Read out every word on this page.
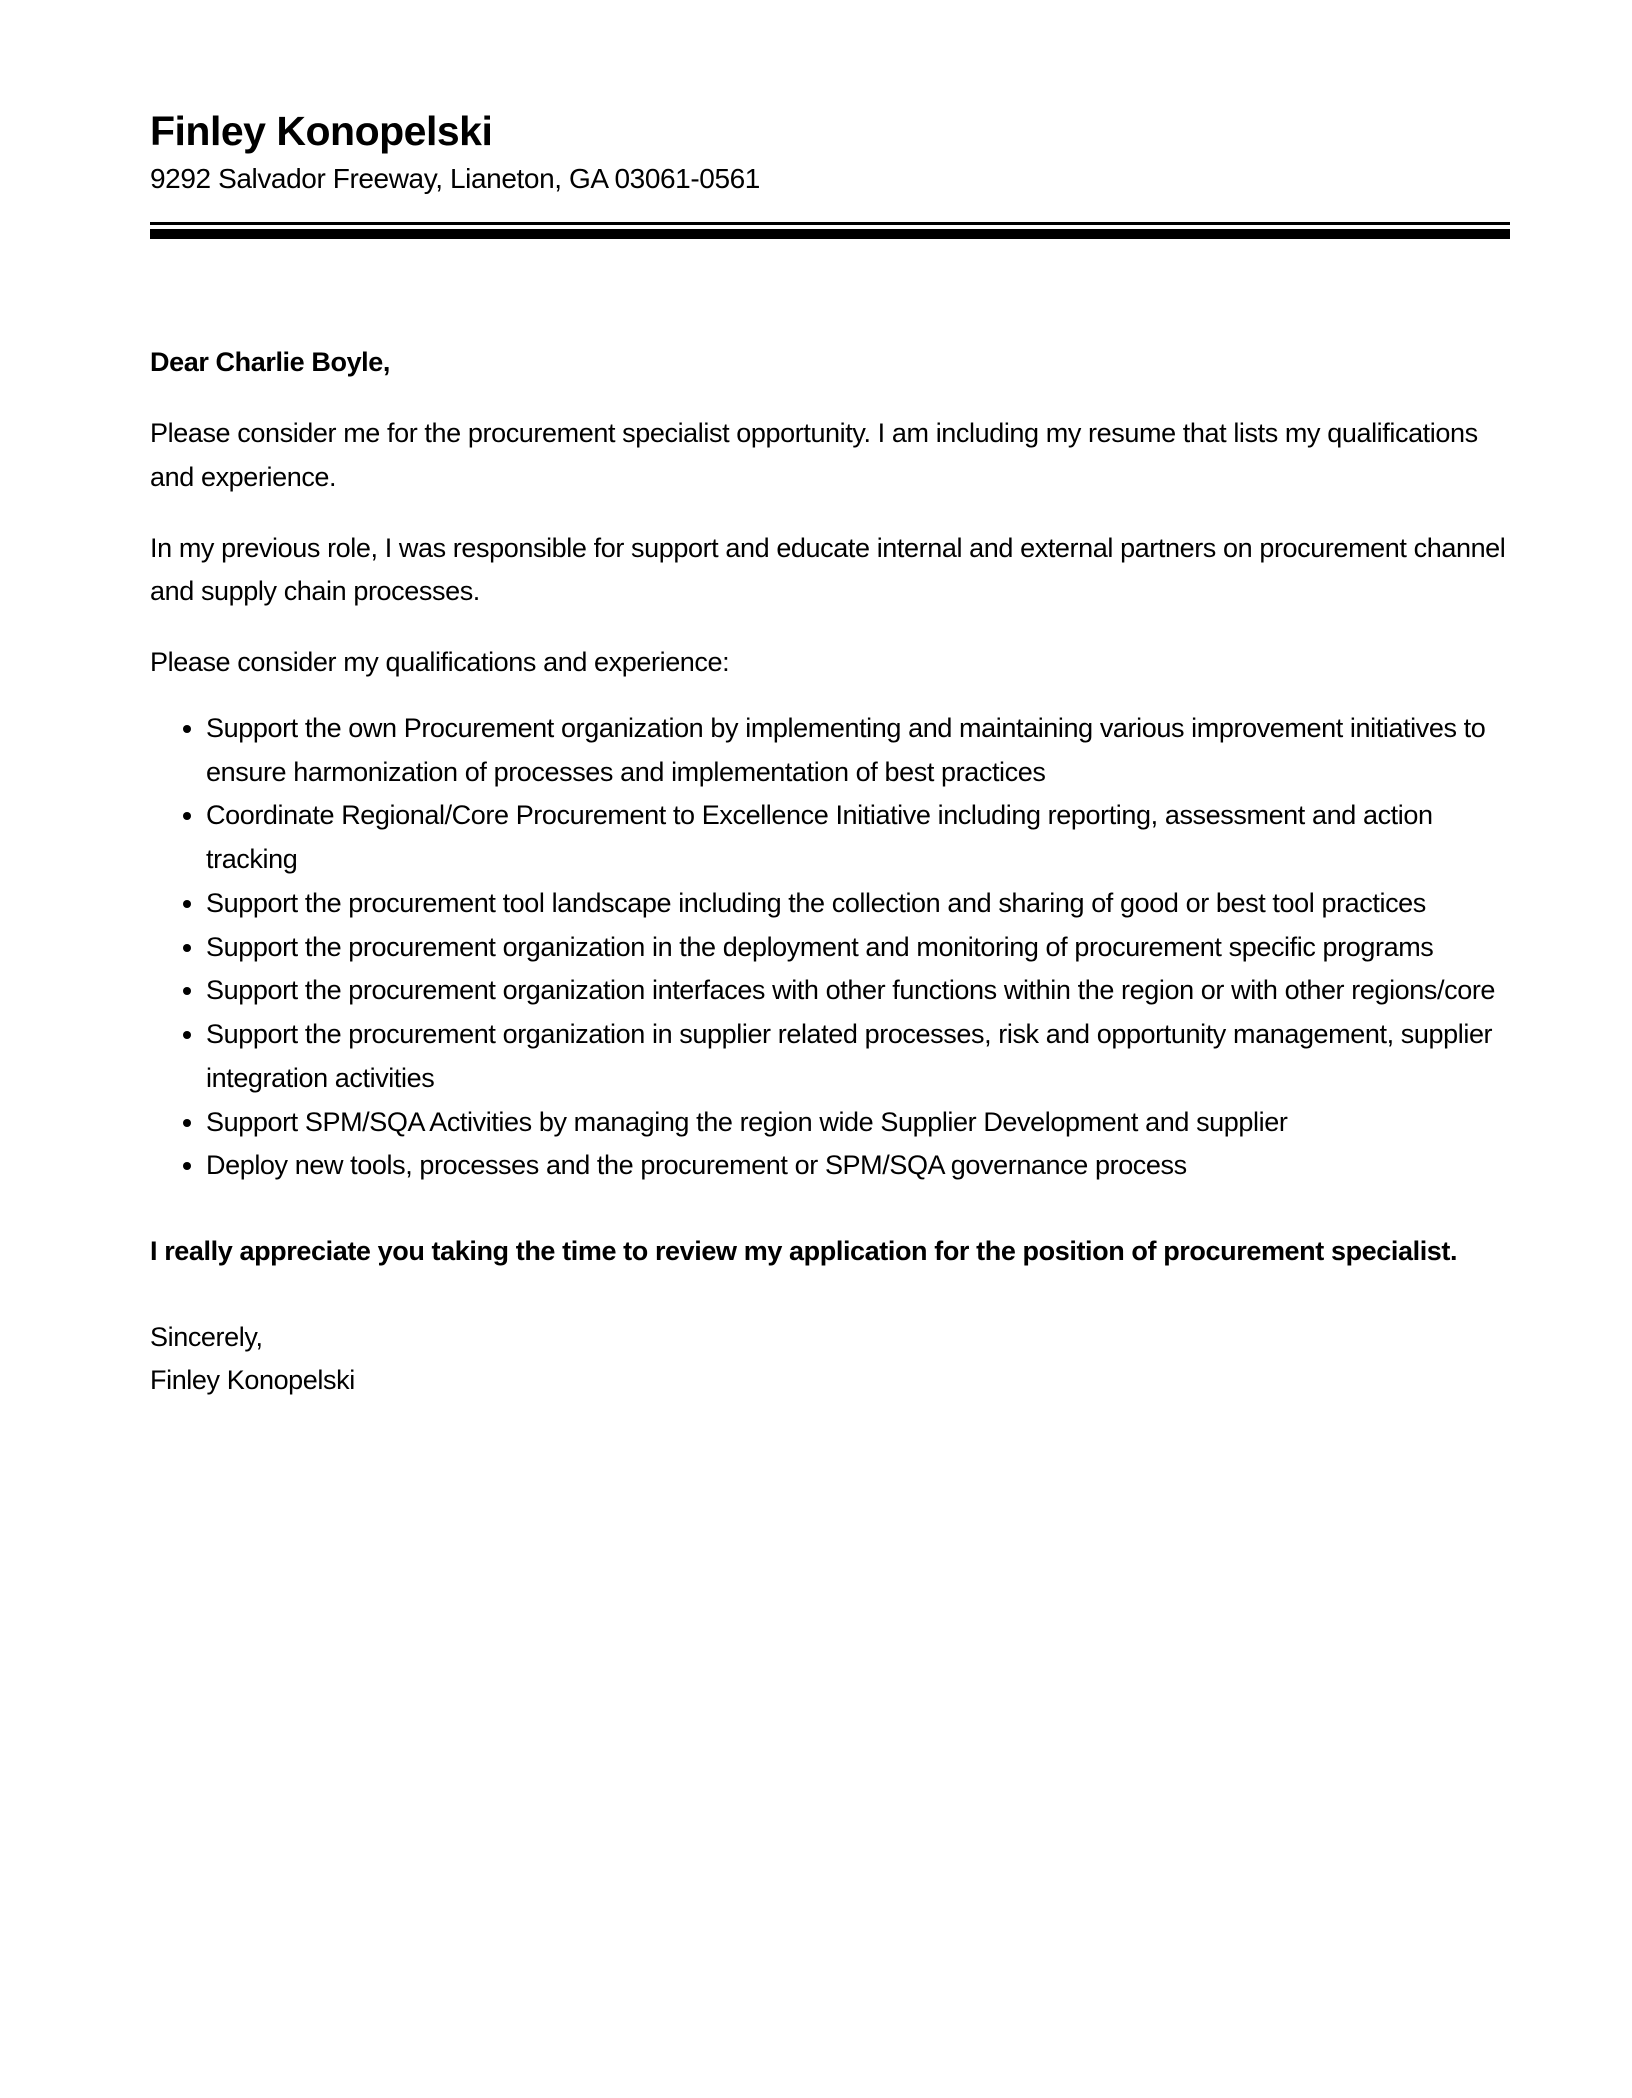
Finley Konopelski
9292 Salvador Freeway, Lianeton, GA 03061-0561

Dear Charlie Boyle,

Please consider me for the procurement specialist opportunity. I am including my resume that lists my qualifications and experience.

In my previous role, I was responsible for support and educate internal and external partners on procurement channel and supply chain processes.

Please consider my qualifications and experience:

• Support the own Procurement organization by implementing and maintaining various improvement initiatives to ensure harmonization of processes and implementation of best practices
• Coordinate Regional/Core Procurement to Excellence Initiative including reporting, assessment and action tracking
• Support the procurement tool landscape including the collection and sharing of good or best tool practices
• Support the procurement organization in the deployment and monitoring of procurement specific programs
• Support the procurement organization interfaces with other functions within the region or with other regions/core
• Support the procurement organization in supplier related processes, risk and opportunity management, supplier integration activities
• Support SPM/SQA Activities by managing the region wide Supplier Development and supplier
• Deploy new tools, processes and the procurement or SPM/SQA governance process

I really appreciate you taking the time to review my application for the position of procurement specialist.

Sincerely,

Finley Konopelski
